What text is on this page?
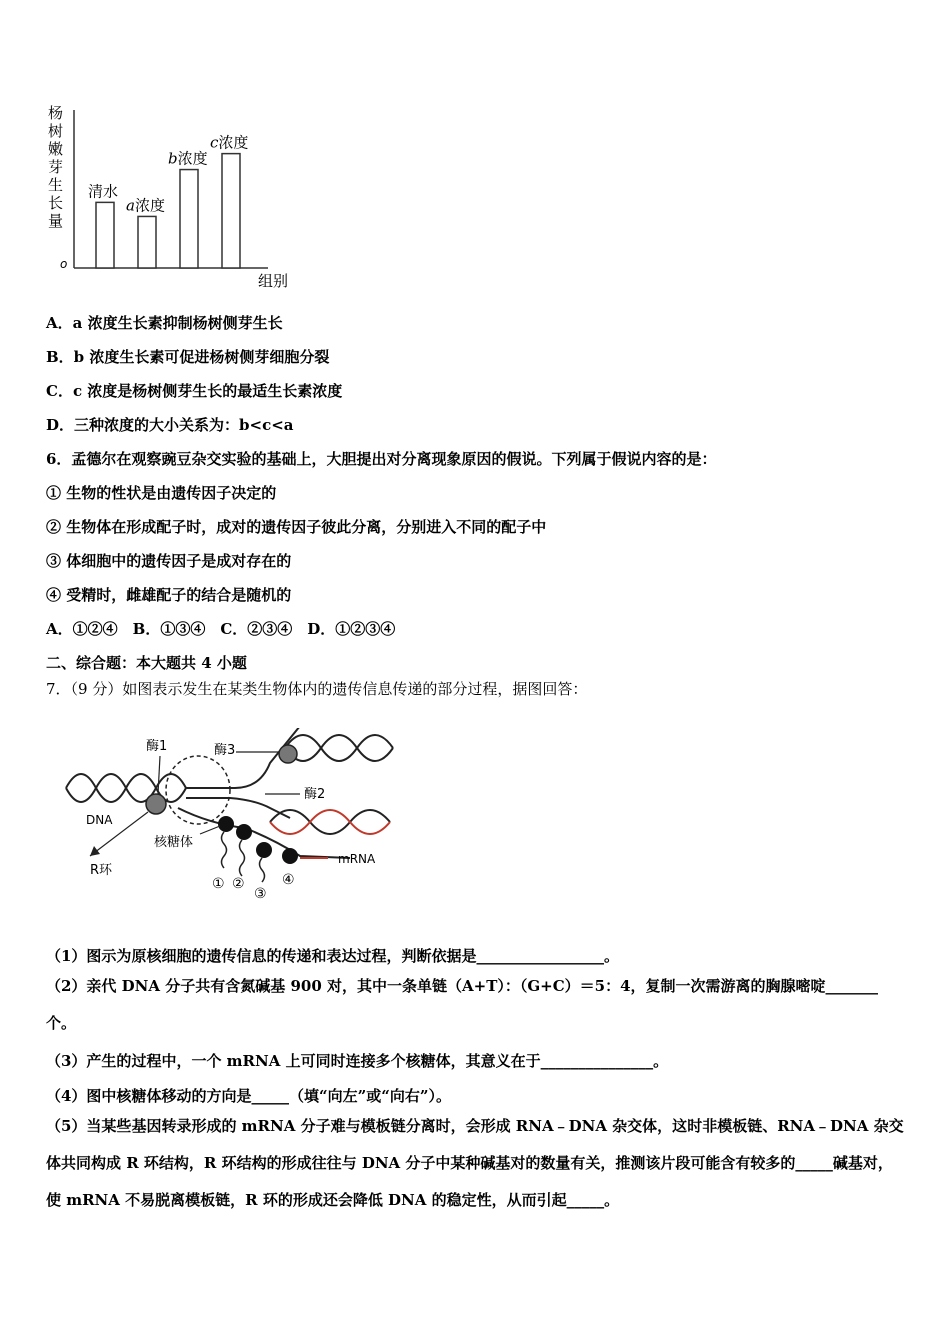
杨
树
嫩
芽
生
长
量
o
组别
清水
a浓度
b浓度
c浓度
A．a 浓度生长素抑制杨树侧芽生长
B．b 浓度生长素可促进杨树侧芽细胞分裂
C．c 浓度是杨树侧芽生长的最适生长素浓度
D．三种浓度的大小关系为：b<c<a
6．孟德尔在观察豌豆杂交实验的基础上，大胆提出对分离现象原因的假说。下列属于假说内容的是：
① 生物的性状是由遗传因子决定的
② 生物体在形成配子时，成对的遗传因子彼此分离，分别进入不同的配子中
③ 体细胞中的遗传因子是成对存在的
④ 受精时，雌雄配子的结合是随机的
A．①②④　B．①③④　C．②③④　D．①②③④
二、综合题：本大题共 4 小题
7．（9 分）如图表示发生在某类生物体内的遗传信息传递的部分过程，据图回答：
酶1	酶3
酶2
DNA
mRNA
核糖体
R环
① ②
③
④
（1）图示为原核细胞的遗传信息的传递和表达过程，判断依据是_________________。
（2）亲代 DNA 分子共有含氮碱基 900 对，其中一条单链（A+T）：（G+C）＝5：4，复制一次需游离的胸腺嘧啶_______个。
（3）产生的过程中，一个 mRNA 上可同时连接多个核糖体，其意义在于_______________。
（4）图中核糖体移动的方向是_____（填“向左”或“向右”）。
（5）当某些基因转录形成的 mRNA 分子难与模板链分离时，会形成 RNA﹣DNA 杂交体，这时非模板链、RNA﹣DNA 杂交体共同构成 R 环结构，R 环结构的形成往往与 DNA 分子中某种碱基对的数量有关，推测该片段可能含有较多的_____碱基对，使 mRNA 不易脱离模板链，R 环的形成还会降低 DNA 的稳定性，从而引起_____。
